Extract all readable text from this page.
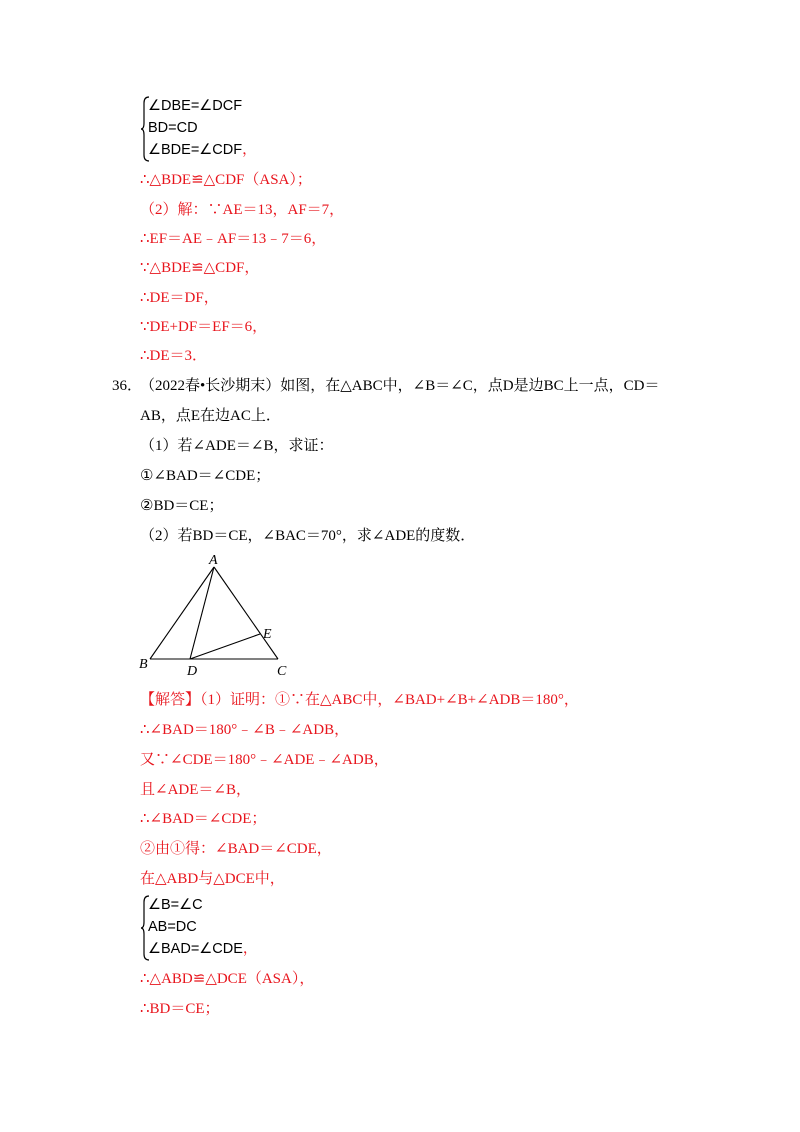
∠DBE=∠DCF
BD=CD
∠BDE=∠CDF，
∴△BDE≌△CDF（ASA）；
（2）解：∵AE＝13，AF＝7，
∴EF＝AE﹣AF＝13﹣7＝6，
∵△BDE≌△CDF，
∴DE＝DF，
∵DE+DF＝EF＝6，
∴DE＝3．
36．
（2022春•长沙期末）如图，在△ABC中，∠B＝∠C，点D是边BC上一点，CD＝
AB，点E在边AC上．
（1）若∠ADE＝∠B，求证：
①∠BAD＝∠CDE；
②BD＝CE；
（2）若BD＝CE，∠BAC＝70°，求∠ADE的度数．
A
B	C
D
E
【解答】（1）证明：①∵在△ABC中，∠BAD+∠B+∠ADB＝180°，
∴∠BAD＝180°﹣∠B﹣∠ADB，
又∵∠CDE＝180°﹣∠ADE﹣∠ADB，
且∠ADE＝∠B，
∴∠BAD＝∠CDE；
②由①得：∠BAD＝∠CDE，
在△ABD与△DCE中，
∠B=∠C
AB=DC
∠BAD=∠CDE，
∴△ABD≌△DCE（ASA），
∴BD＝CE；
